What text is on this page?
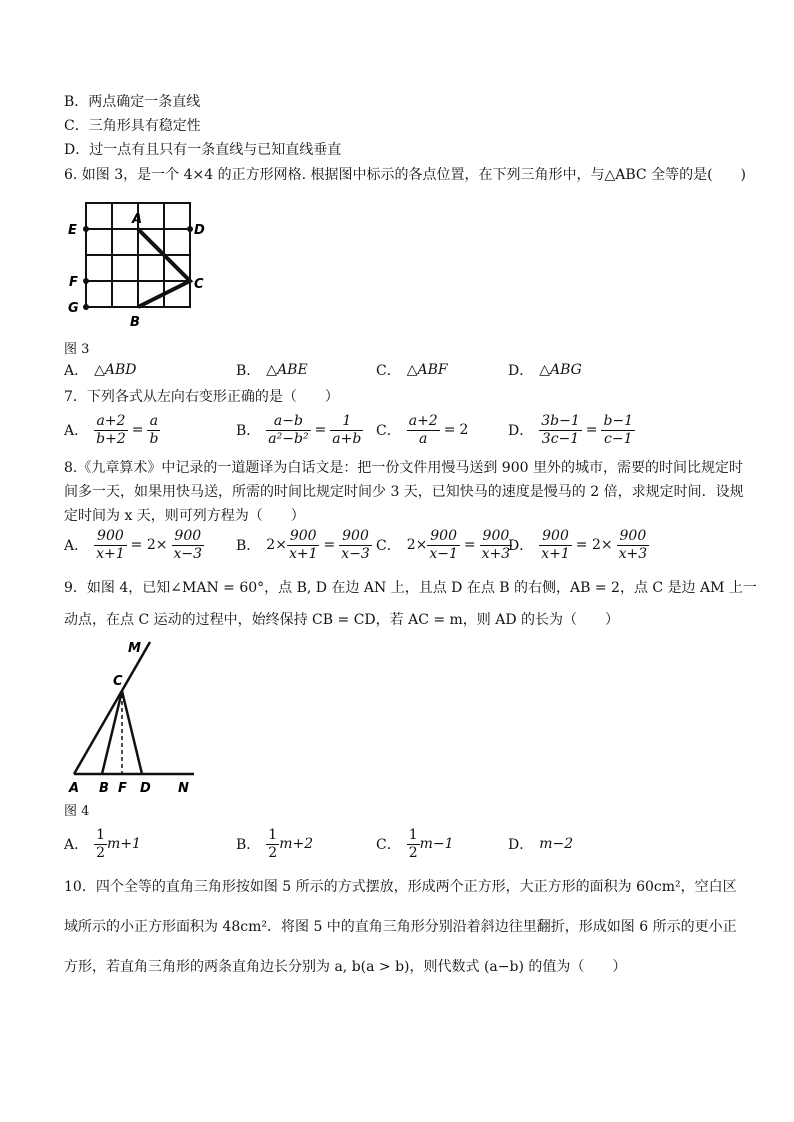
B．两点确定一条直线
C．三角形具有稳定性
D．过一点有且只有一条直线与已知直线垂直
6. 如图 3，是一个 4×4 的正方形网格. 根据图中标示的各点位置，在下列三角形中，与△ABC 全等的是(　　)
A
B
C
D
E
F
G
图 3
A． △ABD	B． △ABE	C． △ABF	D． △ABG
7．下列各式从左向右变形正确的是（　　）
A． $\frac{a+2}{b+2} = \frac{a}{b}$	B． $\frac{a-b}{\text{a²−b²}} = \frac{1}{a+b}$ C． $\frac{a+2}{a} = 2$	D． $\frac{3b-1}{3c-1} = \frac{b-1}{c-1}$
8.《九章算术》中记录的一道题译为白话文是：把一份文件用慢马送到 900 里外的城市，需要的时间比规定时
间多一天，如果用快马送，所需的时间比规定时间少 3 天，已知快马的速度是慢马的 2 倍，求规定时间．设规
定时间为 x 天，则可列方程为（　　）
A． $\frac{900}{x+1} = 2\times \frac{900}{x-3}$ B． $2\times \frac{900}{x+1} = \frac{900}{x-3}$ C． $2\times \frac{900}{x-1} = \frac{900}{x+3}$
D． $\frac{900}{x+1} = 2\times \frac{900}{x+3}$
9．如图 4，已知∠MAN = 60°，点 B, D 在边 AN 上，且点 D 在点 B 的右侧，AB = 2，点 C 是边 AM 上一
动点，在点 C 运动的过程中，始终保持 CB = CD，若 AC = m，则 AD 的长为（　　）
M
C
A B F D N
图 4
A． $\frac{1}{2} m+1$	B． $\frac{1}{2} m+2$	C． $\frac{1}{2} m-1$	D． m−2
10．四个全等的直角三角形按如图 5 所示的方式摆放，形成两个正方形，大正方形的面积为 60cm²，空白区
域所示的小正方形面积为 48cm²．将图 5 中的直角三角形分别沿着斜边往里翻折，形成如图 6 所示的更小正
方形，若直角三角形的两条直角边长分别为 a, b(a > b)，则代数式 (a−b) 的值为（　　）
